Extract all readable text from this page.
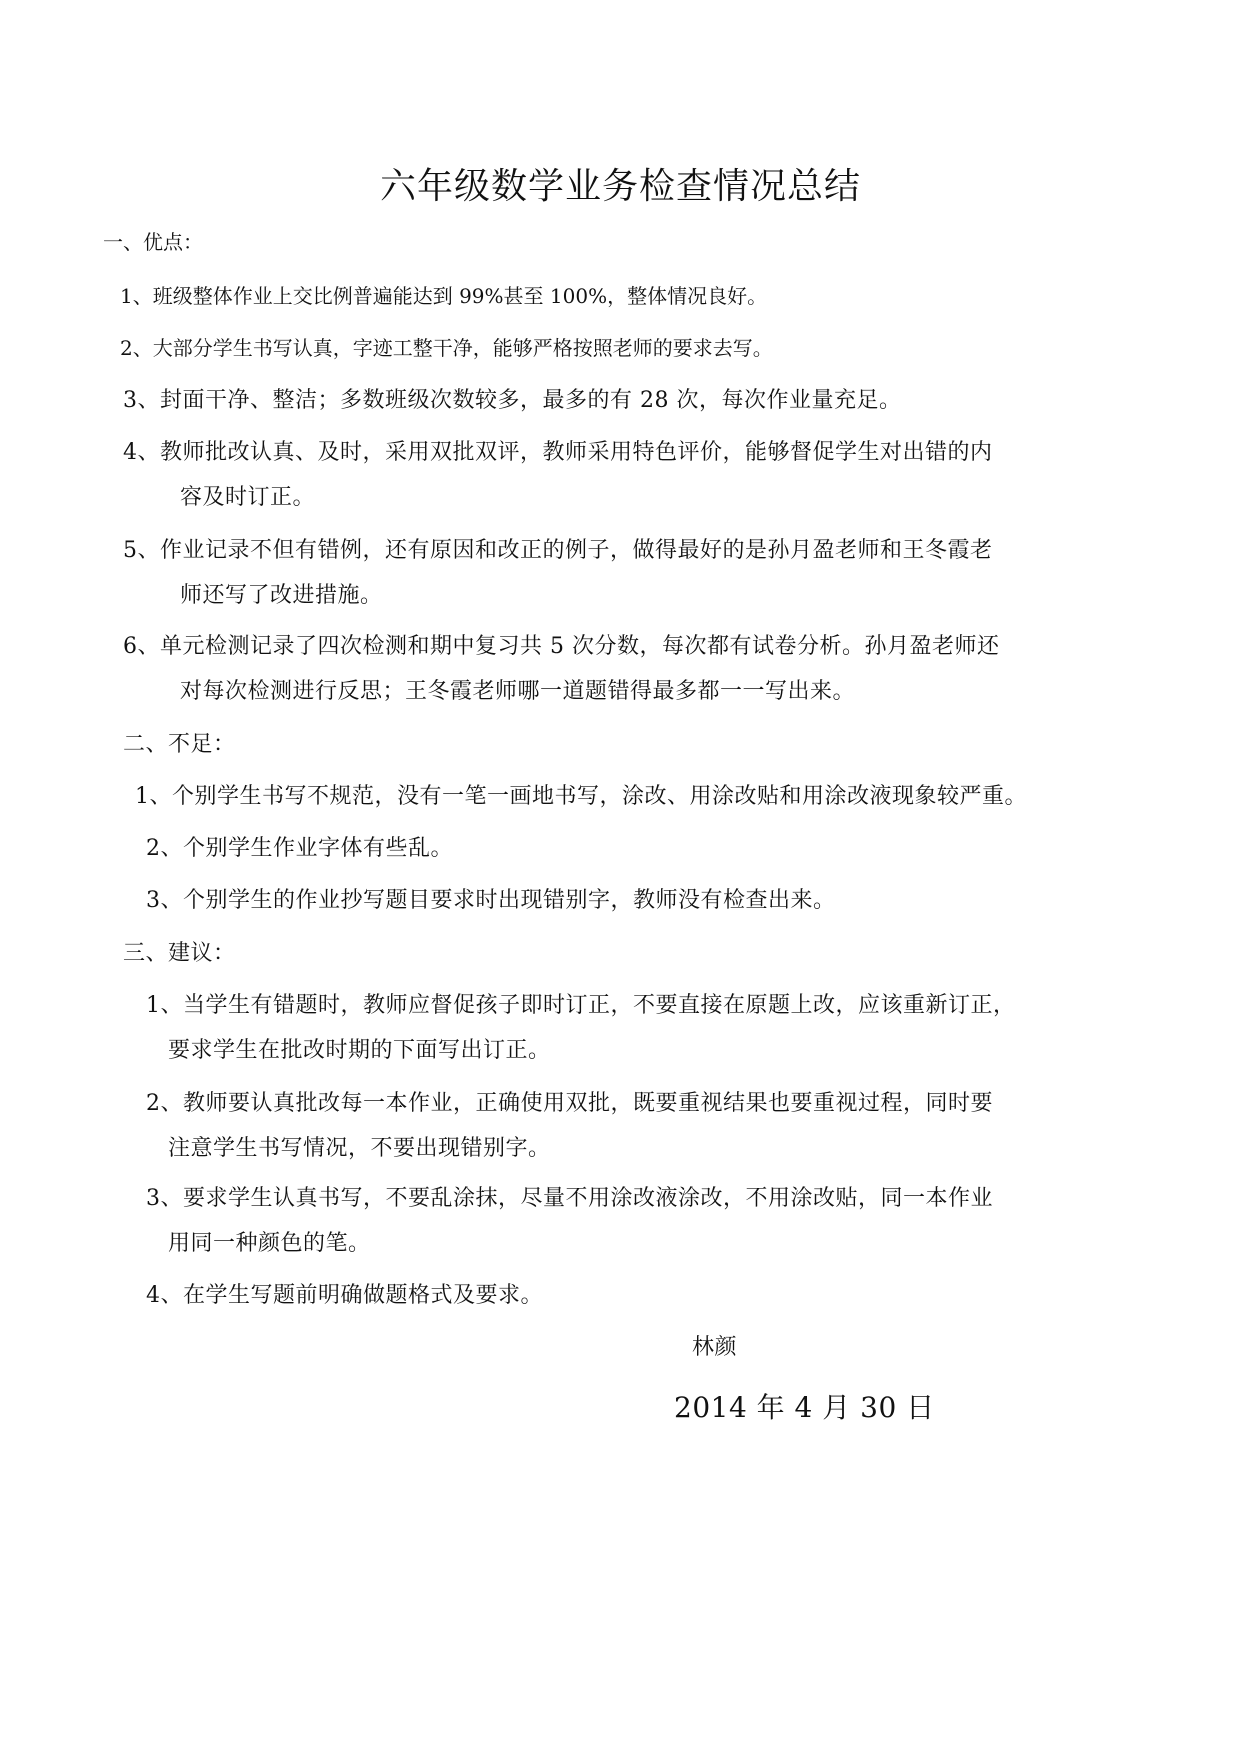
六年级数学业务检查情况总结
一、优点：
1、班级整体作业上交比例普遍能达到 99%甚至 100%，整体情况良好。
2、大部分学生书写认真，字迹工整干净，能够严格按照老师的要求去写。
3、封面干净、整洁；多数班级次数较多，最多的有 28 次，每次作业量充足。
4、教师批改认真、及时，采用双批双评，教师采用特色评价，能够督促学生对出错的内
容及时订正。
5、作业记录不但有错例，还有原因和改正的例子，做得最好的是孙月盈老师和王冬霞老
师还写了改进措施。
6、单元检测记录了四次检测和期中复习共 5 次分数，每次都有试卷分析。孙月盈老师还
对每次检测进行反思；王冬霞老师哪一道题错得最多都一一写出来。
二、不足：
1、个别学生书写不规范，没有一笔一画地书写，涂改、用涂改贴和用涂改液现象较严重。
2、个别学生作业字体有些乱。
3、个别学生的作业抄写题目要求时出现错别字，教师没有检查出来。
三、建议：
1、当学生有错题时，教师应督促孩子即时订正，不要直接在原题上改，应该重新订正，
要求学生在批改时期的下面写出订正。
2、教师要认真批改每一本作业，正确使用双批，既要重视结果也要重视过程，同时要
注意学生书写情况，不要出现错别字。
3、要求学生认真书写，不要乱涂抹，尽量不用涂改液涂改，不用涂改贴，同一本作业
用同一种颜色的笔。
4、在学生写题前明确做题格式及要求。
林颜
2014 年 4 月 30 日
